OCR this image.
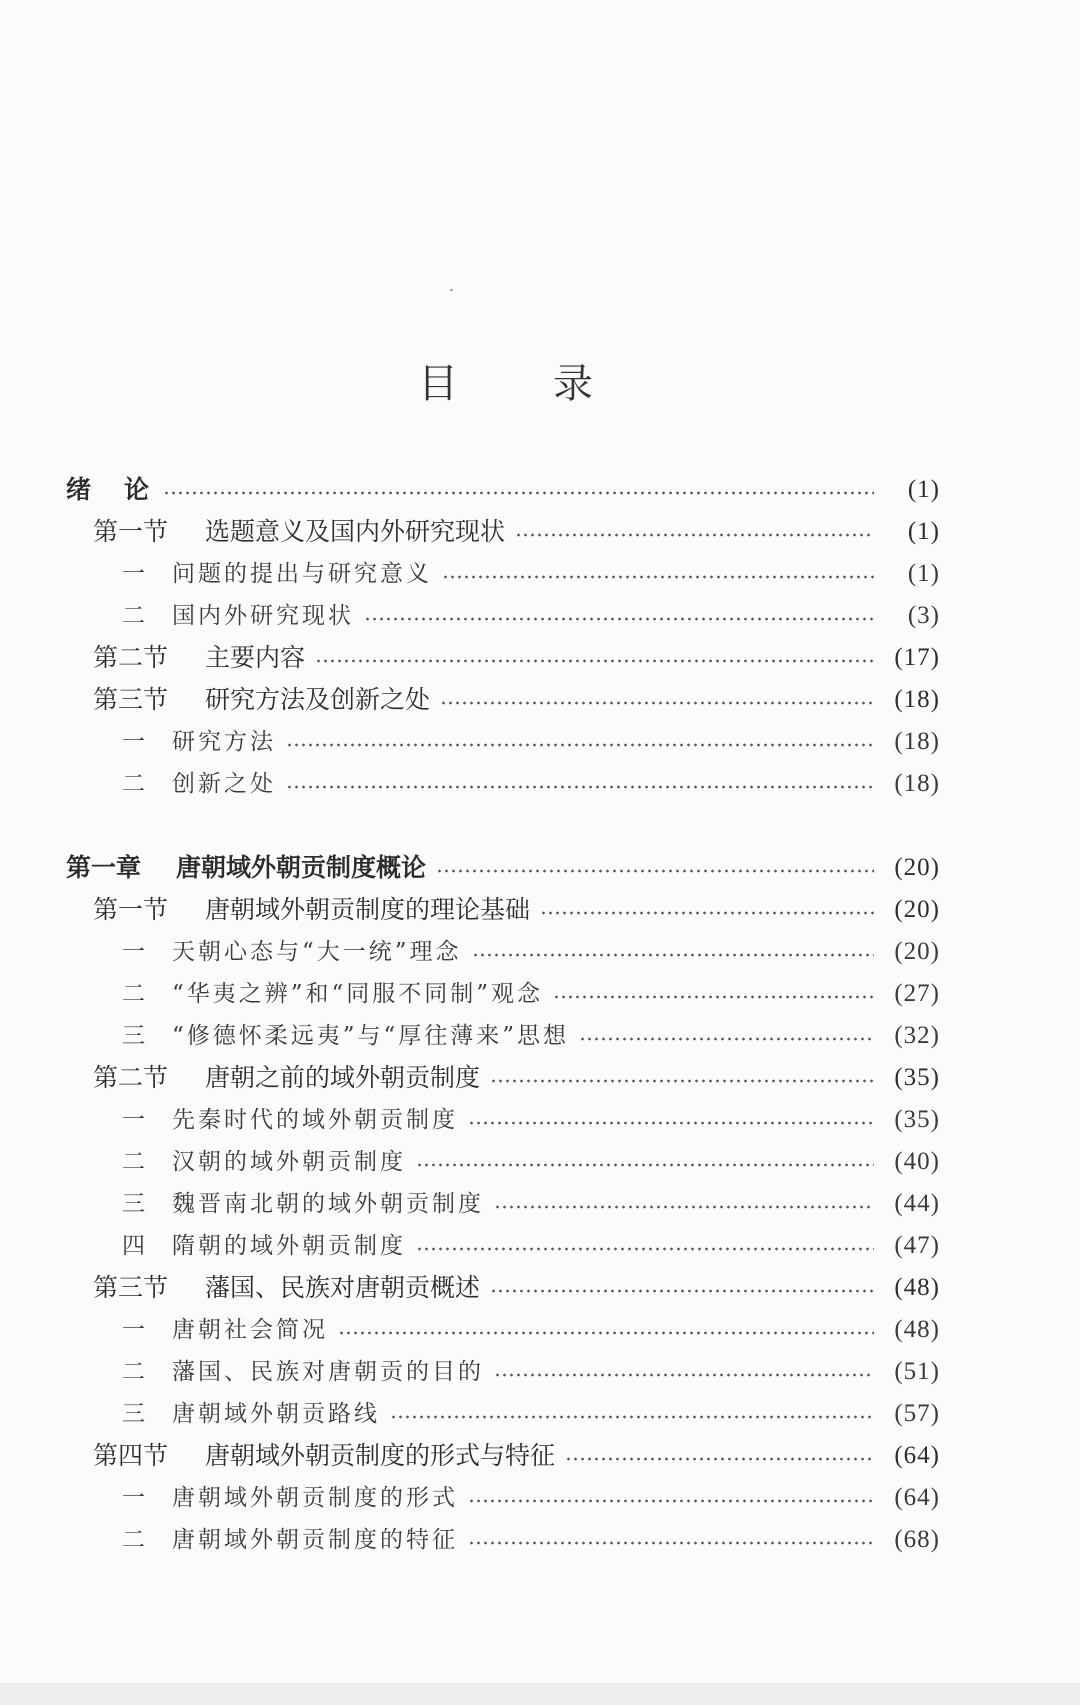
目 录
绪　论	(1)
第一节 选题意义及国内外研究现状	(1)
一 问题的提出与研究意义	(1)
二 国内外研究现状	(3)
第二节 主要内容	(17)
第三节 研究方法及创新之处	(18)
一 研究方法	(18)
二 创新之处	(18)
第一章 唐朝域外朝贡制度概论	(20)
第一节 唐朝域外朝贡制度的理论基础	(20)
一 天朝心态与“大一统”理念	(20)
二 “华夷之辨”和“同服不同制”观念	(27)
三 “修德怀柔远夷”与“厚往薄来”思想	(32)
第二节 唐朝之前的域外朝贡制度	(35)
一 先秦时代的域外朝贡制度	(35)
二 汉朝的域外朝贡制度	(40)
三 魏晋南北朝的域外朝贡制度	(44)
四 隋朝的域外朝贡制度	(47)
第三节 藩国、民族对唐朝贡概述	(48)
一 唐朝社会简况	(48)
二 藩国、民族对唐朝贡的目的	(51)
三 唐朝域外朝贡路线	(57)
第四节 唐朝域外朝贡制度的形式与特征	(64)
一 唐朝域外朝贡制度的形式	(64)
二 唐朝域外朝贡制度的特征	(68)
